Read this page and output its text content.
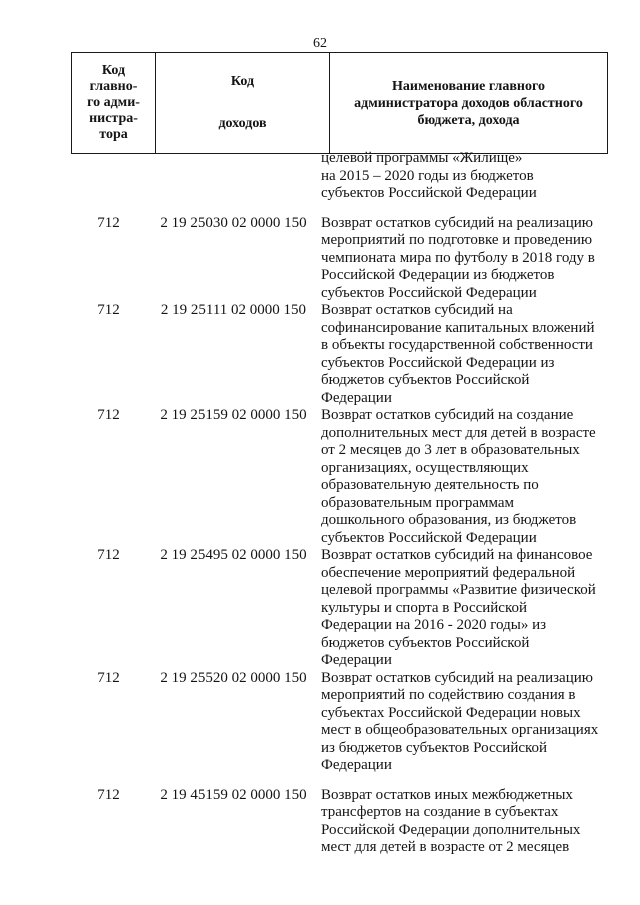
62
Код
главно-
го адми-
нистра-
тора	

Код

доходов

	Наименование главного
администратора доходов областного
бюджета, дохода
целевой программы «Жилище»
на 2015 – 2020 годы из бюджетов
субъектов Российской Федерации
712	2 19 25030 02 0000 150 Возврат остатков субсидий на реализацию
мероприятий по подготовке и проведению
чемпионата мира по футболу в 2018 году в
Российской Федерации из бюджетов
субъектов Российской Федерации
712	2 19 25111 02 0000 150 Возврат остатков субсидий на
софинансирование капитальных вложений
в объекты государственной собственности
субъектов Российской Федерации из
бюджетов субъектов Российской
Федерации
712	2 19 25159 02 0000 150 Возврат остатков субсидий на создание
дополнительных мест для детей в возрасте
от 2 месяцев до 3 лет в образовательных
организациях, осуществляющих
образовательную деятельность по
образовательным программам
дошкольного образования, из бюджетов
субъектов Российской Федерации
712	2 19 25495 02 0000 150 Возврат остатков субсидий на финансовое
обеспечение мероприятий федеральной
целевой программы «Развитие физической
культуры и спорта в Российской
Федерации на 2016 - 2020 годы» из
бюджетов субъектов Российской
Федерации
712	2 19 25520 02 0000 150 Возврат остатков субсидий на реализацию
мероприятий по содействию создания в
субъектах Российской Федерации новых
мест в общеобразовательных организациях
из бюджетов субъектов Российской
Федерации
712	2 19 45159 02 0000 150 Возврат остатков иных межбюджетных
трансфертов на создание в субъектах
Российской Федерации дополнительных
мест для детей в возрасте от 2 месяцев
